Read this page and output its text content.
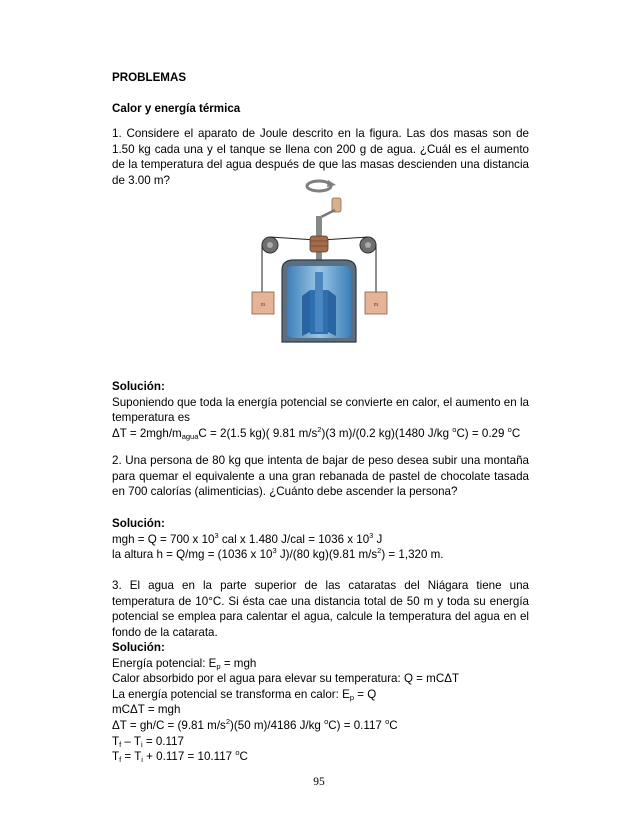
PROBLEMAS
Calor y energía térmica
1. Considere el aparato de Joule descrito en la figura. Las dos masas son de 1.50 kg cada una y el tanque se llena con 200 g de agua. ¿Cuál es el aumento de la temperatura del agua después de que las masas descienden una distancia de 3.00 m?
m	m
Solución:
Suponiendo que toda la energía potencial se convierte en calor, el aumento en la temperatura es
$\Delta T = 2mgh/m_{agua}C = 2(1.5$ kg)( 9.81 $m/s^2)(3$ m)/(0.2 kg)(1480 J/kg $^o$C) = 0.29 $^o$C
2. Una persona de 80 kg que intenta de bajar de peso desea subir una montaña para quemar el equivalente a una gran rebanada de pastel de chocolate tasada en 700 calorías (alimenticias). ¿Cuánto debe ascender la persona?
Solución:
mgh = Q = 700 x $10^3$ cal x 1.480 J/cal = 1036 x $10^3$ J
la altura h = Q/mg = (1036 x $10^3$ J)/(80 kg)(9.81 $m/s^2) = 1,320$ m.
3. El agua en la parte superior de las cataratas del Niágara tiene una temperatura de 10°C. Si ésta cae una distancia total de 50 m y toda su energía potencial se emplea para calentar el agua, calcule la temperatura del agua en el fondo de la catarata.
Solución:
Energía potencial: $E_p$ = mgh
Calor absorbido por el agua para elevar su temperatura: Q = mCΔT
La energía potencial se transforma en calor: $E_p = Q$
mCΔT = mgh
ΔT = gh/C = (9.81 $m/s^2)(50$ m)/4186 J/kg $^o$C) = 0.117 $^o$C
$T_f - T_i = 0.117$
$T_f = T_i + 0.117 = 10.117$ $^o$C
95
